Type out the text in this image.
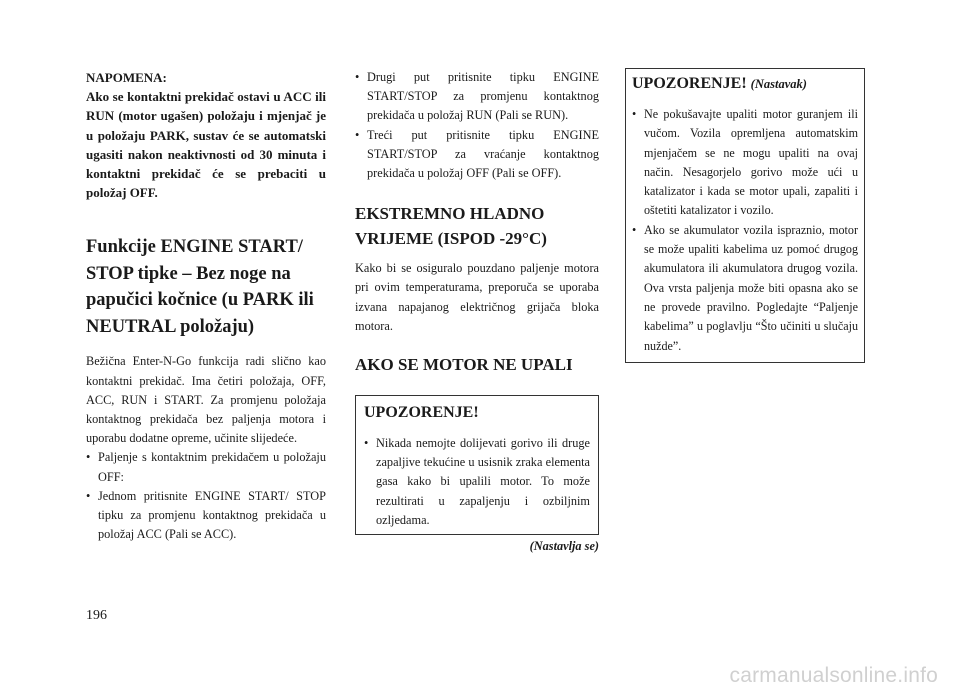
NAPOMENA:
Ako se kontaktni prekidač ostavi u ACC ili RUN (motor ugašen) položaju i mjenjač je u položaju PARK, sustav će se automatski ugasiti nakon neaktivnosti od 30 minuta i kontaktni prekidač će se prebaciti u položaj OFF.
Funkcije ENGINE START/ STOP tipke – Bez noge na papučici kočnice (u PARK ili NEUTRAL položaju)

Bežična Enter-N-Go funkcija radi slično kao kontaktni prekidač. Ima četiri položaja, OFF, ACC, RUN i START. Za promjenu položaja kontaktnog prekidača bez paljenja motora i uporabu dodatne opreme, učinite slijedeće.

• Paljenje s kontaktnim prekidačem u položaju OFF:
• Jednom pritisnite ENGINE START/ STOP tipku za promjenu kontaktnog prekidača u položaj ACC (Pali se ACC).
• Drugi put pritisnite tipku ENGINE START/STOP za promjenu kontaktnog prekidača u položaj RUN (Pali se RUN).
• Treći put pritisnite tipku ENGINE START/STOP za vraćanje kontaktnog prekidača u položaj OFF (Pali se OFF).
EKSTREMNO HLADNO VRIJEME (ISPOD -29°C)

Kako bi se osiguralo pouzdano paljenje motora pri ovim temperaturama, preporuča se uporaba izvana napajanog električnog grijača bloka motora.

AKO SE MOTOR NE UPALI
UPOZORENJE!
• Nikada nemojte dolijevati gorivo ili druge zapaljive tekućine u usisnik zraka elementa gasa kako bi upalili motor. To može rezultirati u zapaljenju i ozbiljnim ozljedama.
(Nastavlja se)
UPOZORENJE! (Nastavak)
• Ne pokušavajte upaliti motor guranjem ili vučom. Vozila opremljena automatskim mjenjačem se ne mogu upaliti na ovaj način. Nesagorjelo gorivo može ući u katalizator i kada se motor upali, zapaliti i oštetiti katalizator i vozilo.
• Ako se akumulator vozila ispraznio, motor se može upaliti kabelima uz pomoć drugog akumulatora ili akumulatora drugog vozila. Ova vrsta paljenja može biti opasna ako se ne provede pravilno. Pogledajte “Paljenje kabelima” u poglavlju “Što učiniti u slučaju nužde”.
196
carmanualsonline.info
